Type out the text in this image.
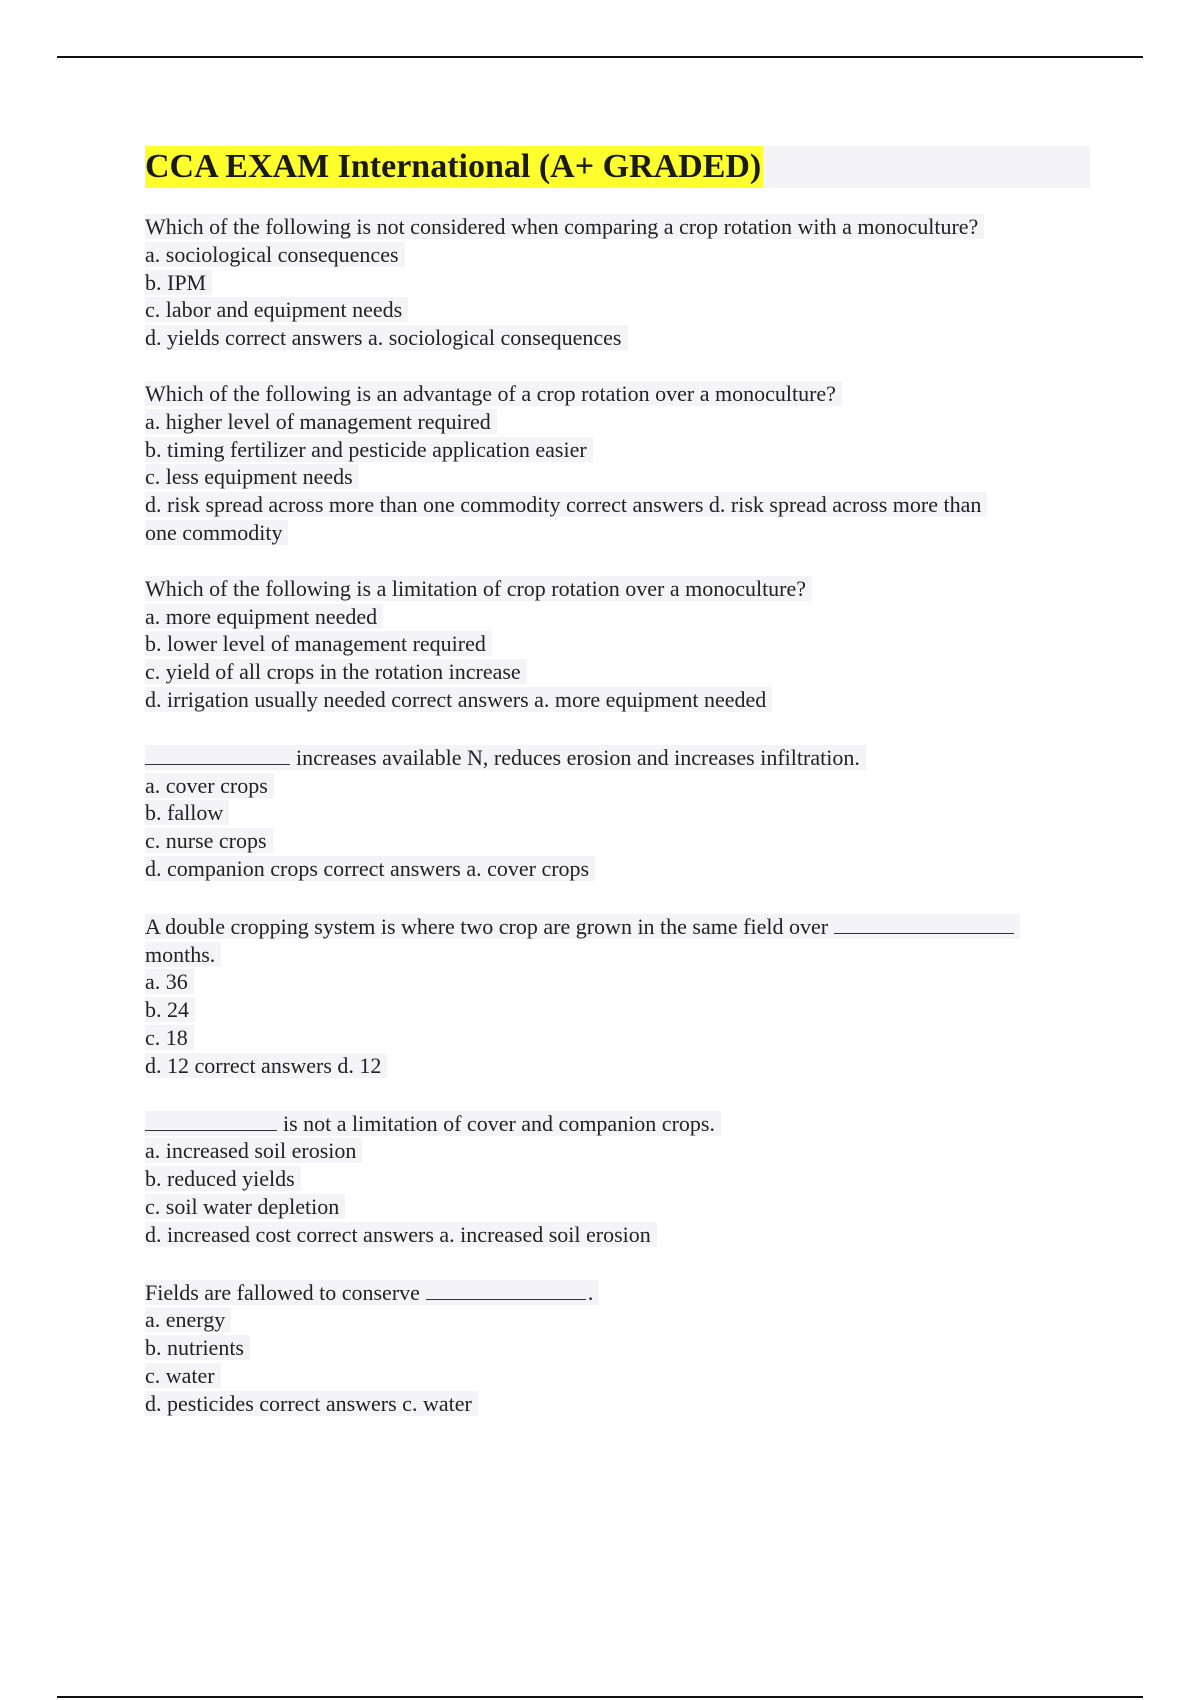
CCA EXAM International (A+ GRADED)
Which of the following is not considered when comparing a crop rotation with a monoculture?
a. sociological consequences
b. IPM
c. labor and equipment needs
d. yields correct answers a. sociological consequences
Which of the following is an advantage of a crop rotation over a monoculture?
a. higher level of management required
b. timing fertilizer and pesticide application easier
c. less equipment needs
d. risk spread across more than one commodity correct answers d. risk spread across more than
one commodity
Which of the following is a limitation of crop rotation over a monoculture?
a. more equipment needed
b. lower level of management required
c. yield of all crops in the rotation increase
d. irrigation usually needed correct answers a. more equipment needed
increases available N, reduces erosion and increases infiltration.
a. cover crops
b. fallow
c. nurse crops
d. companion crops correct answers a. cover crops
A double cropping system is where two crop are grown in the same field over
months.
a. 36
b. 24
c. 18
d. 12 correct answers d. 12
is not a limitation of cover and companion crops.
a. increased soil erosion
b. reduced yields
c. soil water depletion
d. increased cost correct answers a. increased soil erosion
Fields are fallowed to conserve	.
a. energy
b. nutrients
c. water
d. pesticides correct answers c. water
